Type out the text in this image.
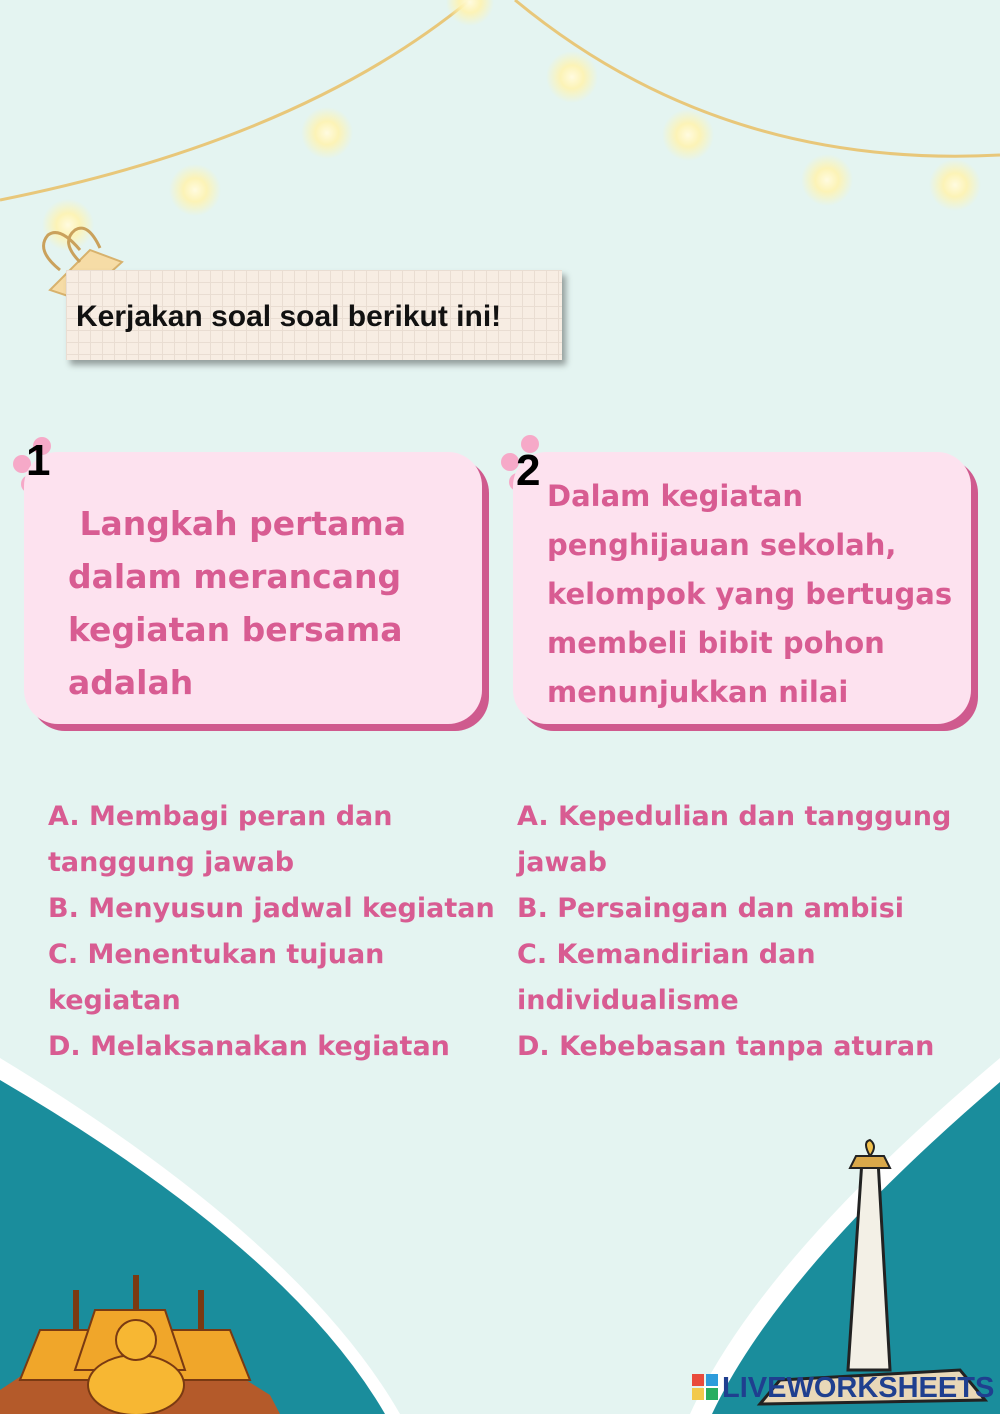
Kerjakan soal soal berikut ini!
1	2
Langkah pertama dalam merancang kegiatan bersama adalah
Dalam kegiatan penghijauan sekolah, kelompok yang bertugas membeli bibit pohon menunjukkan nilai
A. Membagi peran dan tanggung jawab
B. Menyusun jadwal kegiatan
C. Menentukan tujuan kegiatan
D. Melaksanakan kegiatan
A. Kepedulian dan tanggung jawab
B. Persaingan dan ambisi
C. Kemandirian dan individualisme
D. Kebebasan tanpa aturan
LIVEWORKSHEETS
